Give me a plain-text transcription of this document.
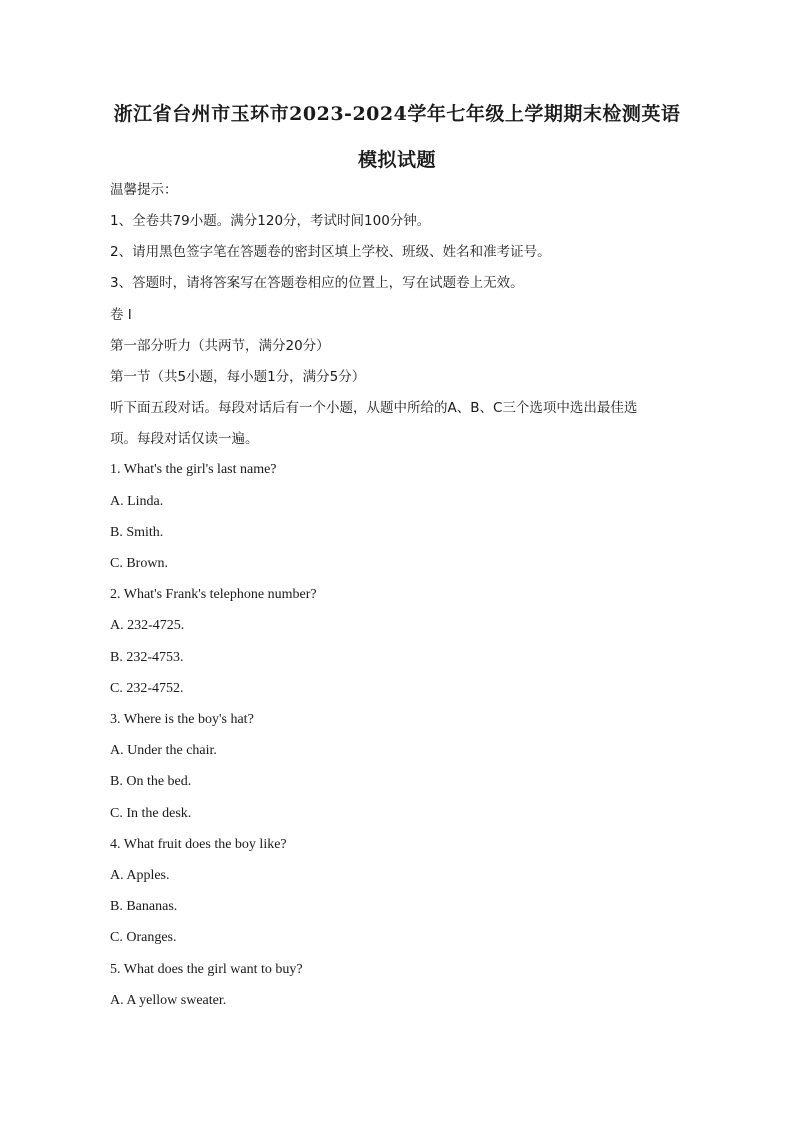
浙江省台州市玉环市2023-2024学年七年级上学期期末检测英语
模拟试题
温馨提示：
1、全卷共79小题。满分120分，考试时间100分钟。
2、请用黑色签字笔在答题卷的密封区填上学校、班级、姓名和准考证号。
3、答题时，请将答案写在答题卷相应的位置上，写在试题卷上无效。
卷 I
第一部分听力（共两节，满分20分）
第一节（共5小题，每小题1分，满分5分）
听下面五段对话。每段对话后有一个小题，从题中所给的A、B、C三个选项中选出最佳选
项。每段对话仅读一遍。
1. What's the girl's last name?
A. Linda.
B. Smith.
C. Brown.
2. What's Frank's telephone number?
A. 232-4725.
B. 232-4753.
C. 232-4752.
3. Where is the boy's hat?
A. Under the chair.
B. On the bed.
C. In the desk.
4. What fruit does the boy like?
A. Apples.
B. Bananas.
C. Oranges.
5. What does the girl want to buy?
A. A yellow sweater.
